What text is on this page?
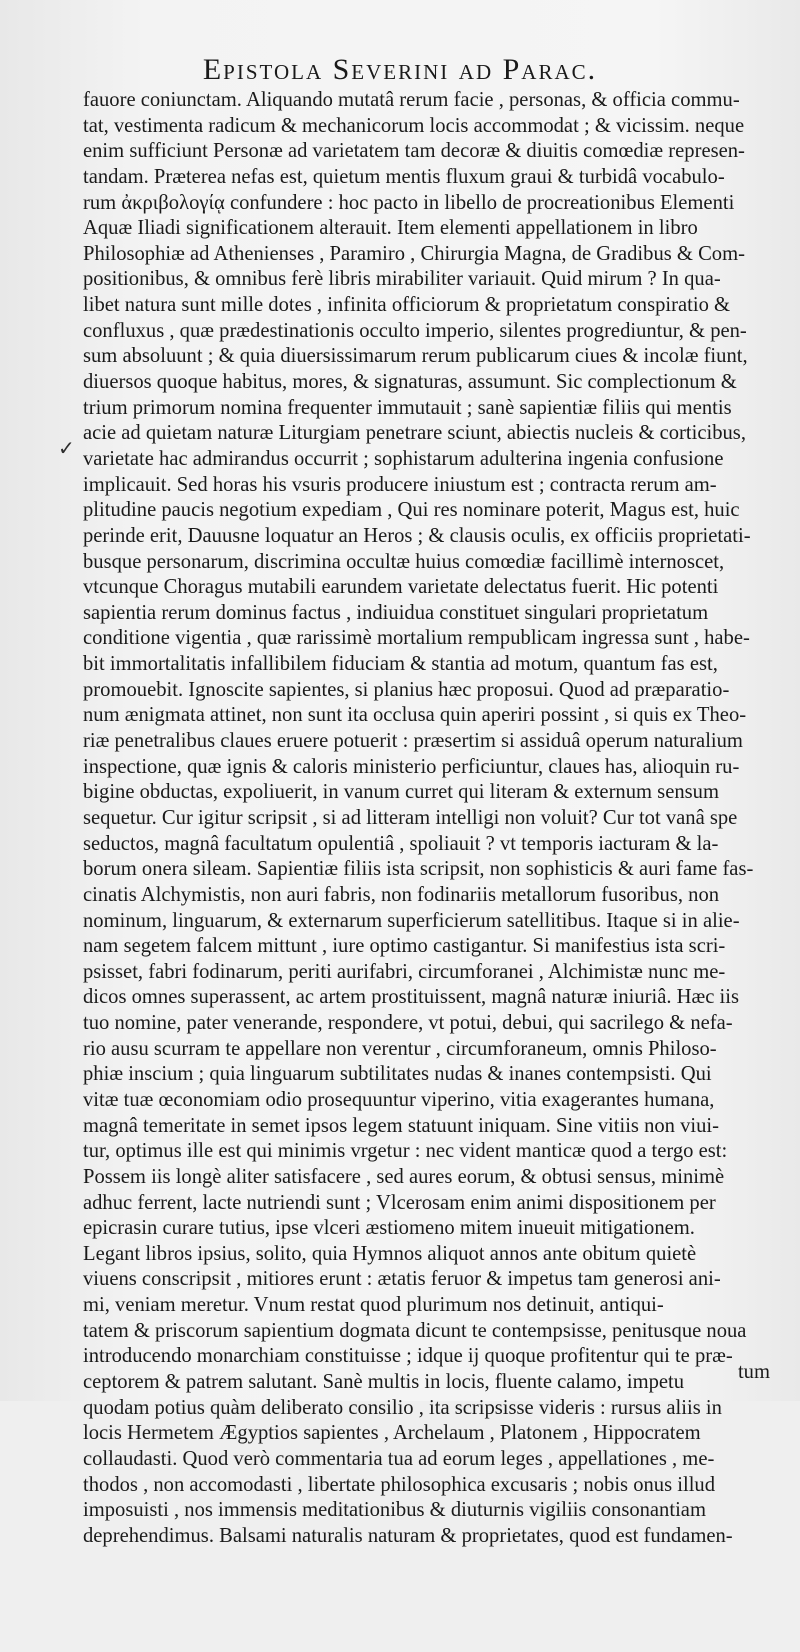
Epistola Severini ad Parac.
✓
fauore coniunctam. Aliquando mutatâ rerum facie , personas, & officia commu-
tat, vestimenta radicum & mechanicorum locis accommodat ; & vicissim. neque
enim sufficiunt Personæ ad varietatem tam decoræ & diuitis comœdiæ represen-
tandam. Præterea nefas est, quietum mentis fluxum graui & turbidâ vocabulo-
rum ἀκριβολογίᾳ confundere : hoc pacto in libello de procreationibus Elementi
Aquæ Iliadi significationem alterauit. Item elementi appellationem in libro
Philosophiæ ad Athenienses , Paramiro , Chirurgia Magna, de Gradibus & Com-
positionibus, & omnibus ferè libris mirabiliter variauit. Quid mirum ? In qua-
libet natura sunt mille dotes , infinita officiorum & proprietatum conspiratio &
confluxus , quæ prædestinationis occulto imperio, silentes progrediuntur, & pen-
sum absoluunt ; & quia diuersissimarum rerum publicarum ciues & incolæ fiunt,
diuersos quoque habitus, mores, & signaturas, assumunt. Sic complectionum &
trium primorum nomina frequenter immutauit ; sanè sapientiæ filiis qui mentis
acie ad quietam naturæ Liturgiam penetrare sciunt, abiectis nucleis & corticibus,
varietate hac admirandus occurrit ; sophistarum adulterina ingenia confusione
implicauit. Sed horas his vsuris producere iniustum est ; contracta rerum am-
plitudine paucis negotium expediam , Qui res nominare poterit, Magus est, huic
perinde erit, Dauusne loquatur an Heros ; & clausis oculis, ex officiis proprietati-
busque personarum, discrimina occultæ huius comœdiæ facillimè internoscet,
vtcunque Choragus mutabili earundem varietate delectatus fuerit. Hic potenti
sapientia rerum dominus factus , indiuidua constituet singulari proprietatum
conditione vigentia , quæ rarissimè mortalium rempublicam ingressa sunt , habe-
bit immortalitatis infallibilem fiduciam & stantia ad motum, quantum fas est,
promouebit. Ignoscite sapientes, si planius hæc proposui. Quod ad præparatio-
num ænigmata attinet, non sunt ita occlusa quin aperiri possint , si quis ex Theo-
riæ penetralibus claues eruere potuerit : præsertim si assiduâ operum naturalium
inspectione, quæ ignis & caloris ministerio perficiuntur, claues has, alioquin ru-
bigine obductas, expoliuerit, in vanum curret qui literam & externum sensum
sequetur. Cur igitur scripsit , si ad litteram intelligi non voluit? Cur tot vanâ spe
seductos, magnâ facultatum opulentiâ , spoliauit ? vt temporis iacturam & la-
borum onera sileam. Sapientiæ filiis ista scripsit, non sophisticis & auri fame fas-
cinatis Alchymistis, non auri fabris, non fodinariis metallorum fusoribus, non
nominum, linguarum, & externarum superficierum satellitibus. Itaque si in alie-
nam segetem falcem mittunt , iure optimo castigantur. Si manifestius ista scri-
psisset, fabri fodinarum, periti aurifabri, circumforanei , Alchimistæ nunc me-
dicos omnes superassent, ac artem prostituissent, magnâ naturæ iniuriâ. Hæc iis
tuo nomine, pater venerande, respondere, vt potui, debui, qui sacrilego & nefa-
rio ausu scurram te appellare non verentur , circumforaneum, omnis Philoso-
phiæ inscium ; quia linguarum subtilitates nudas & inanes contempsisti. Qui
vitæ tuæ œconomiam odio prosequuntur viperino, vitia exagerantes humana,
magnâ temeritate in semet ipsos legem statuunt iniquam. Sine vitiis non viui-
tur, optimus ille est qui minimis vrgetur : nec vident manticæ quod a tergo est:
Possem iis longè aliter satisfacere , sed aures eorum, & obtusi sensus, minimè
adhuc ferrent, lacte nutriendi sunt ; Vlcerosam enim animi dispositionem per
epicrasin curare tutius, ipse vlceri æstiomeno mitem inueuit mitigationem.
Legant libros ipsius, solito, quia Hymnos aliquot annos ante obitum quietè
viuens conscripsit , mitiores erunt : ætatis feruor & impetus tam generosi ani-
mi, veniam meretur. Vnum restat quod plurimum nos detinuit, antiqui-
tatem & priscorum sapientium dogmata dicunt te contempsisse, penitusque noua
introducendo monarchiam constituisse ; idque ij quoque profitentur qui te præ-
ceptorem & patrem salutant. Sanè multis in locis, fluente calamo, impetu
quodam potius quàm deliberato consilio , ita scripsisse videris : rursus aliis in
locis Hermetem Ægyptios sapientes , Archelaum , Platonem , Hippocratem
collaudasti. Quod verò commentaria tua ad eorum leges , appellationes , me-
thodos , non accomodasti , libertate philosophica excusaris ; nobis onus illud
imposuisti , nos immensis meditationibus & diuturnis vigiliis consonantiam
deprehendimus. Balsami naturalis naturam & proprietates, quod est fundamen-
tum
